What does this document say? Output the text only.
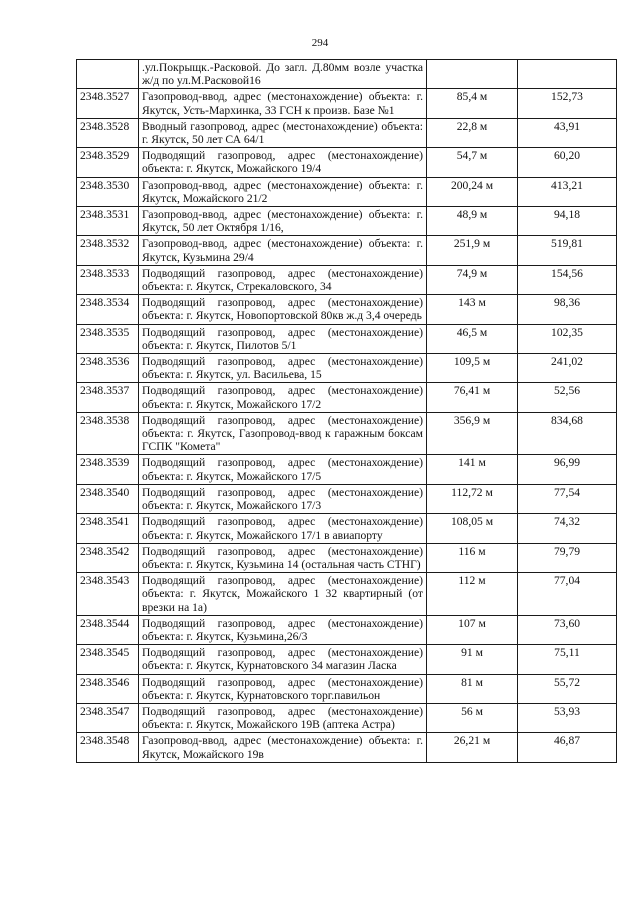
294
	.ул.Покрыщк.-Расковой. До загл. Д.80мм возле участка ж/д по ул.М.Расковой16		
2348.3527	Газопровод-ввод, адрес (местонахождение) объекта: г. Якутск, Усть-Мархинка, 33 ГСН к произв. Базе №1	85,4 м	152,73
2348.3528	Вводный газопровод, адрес (местонахождение) объекта: г. Якутск, 50 лет СА 64/1	22,8 м	43,91
2348.3529	Подводящий газопровод, адрес (местонахождение) объекта: г. Якутск, Можайского 19/4	54,7 м	60,20
2348.3530	Газопровод-ввод, адрес (местонахождение) объекта: г. Якутск, Можайского 21/2	200,24 м	413,21
2348.3531	Газопровод-ввод, адрес (местонахождение) объекта: г. Якутск, 50 лет Октября 1/16,	48,9 м	94,18
2348.3532	Газопровод-ввод, адрес (местонахождение) объекта: г. Якутск, Кузьмина 29/4	251,9 м	519,81
2348.3533	Подводящий газопровод, адрес (местонахождение) объекта: г. Якутск, Стрекаловского, 34	74,9 м	154,56
2348.3534	Подводящий газопровод, адрес (местонахождение) объекта: г. Якутск, Новопортовской 80кв ж.д 3,4 очередь	143 м	98,36
2348.3535	Подводящий газопровод, адрес (местонахождение) объекта: г. Якутск, Пилотов 5/1	46,5 м	102,35
2348.3536	Подводящий газопровод, адрес (местонахождение) объекта: г. Якутск, ул. Васильева, 15	109,5 м	241,02
2348.3537	Подводящий газопровод, адрес (местонахождение) объекта: г. Якутск, Можайского 17/2	76,41 м	52,56
2348.3538	Подводящий газопровод, адрес (местонахождение) объекта: г. Якутск, Газопровод-ввод к гаражным боксам ГСПК "Комета"	356,9 м	834,68
2348.3539	Подводящий газопровод, адрес (местонахождение) объекта: г. Якутск, Можайского 17/5	141 м	96,99
2348.3540	Подводящий газопровод, адрес (местонахождение) объекта: г. Якутск, Можайского 17/3	112,72 м	77,54
2348.3541	Подводящий газопровод, адрес (местонахождение) объекта: г. Якутск, Можайского 17/1 в авиапорту	108,05 м	74,32
2348.3542	Подводящий газопровод, адрес (местонахождение) объекта: г. Якутск, Кузьмина 14 (остальная часть СТНГ)	116 м	79,79
2348.3543	Подводящий газопровод, адрес (местонахождение) объекта: г. Якутск, Можайского 1 32 квартирный (от врезки на 1а)	112 м	77,04
2348.3544	Подводящий газопровод, адрес (местонахождение) объекта: г. Якутск, Кузьмина,26/3	107 м	73,60
2348.3545	Подводящий газопровод, адрес (местонахождение) объекта: г. Якутск, Курнатовского 34 магазин Ласка	91 м	75,11
2348.3546	Подводящий газопровод, адрес (местонахождение) объекта: г. Якутск, Курнатовского торг.павильон	81 м	55,72
2348.3547	Подводящий газопровод, адрес (местонахождение) объекта: г. Якутск, Можайского 19В (аптека Астра)	56 м	53,93
2348.3548	Газопровод-ввод, адрес (местонахождение) объекта: г. Якутск, Можайского 19в	26,21 м	46,87
